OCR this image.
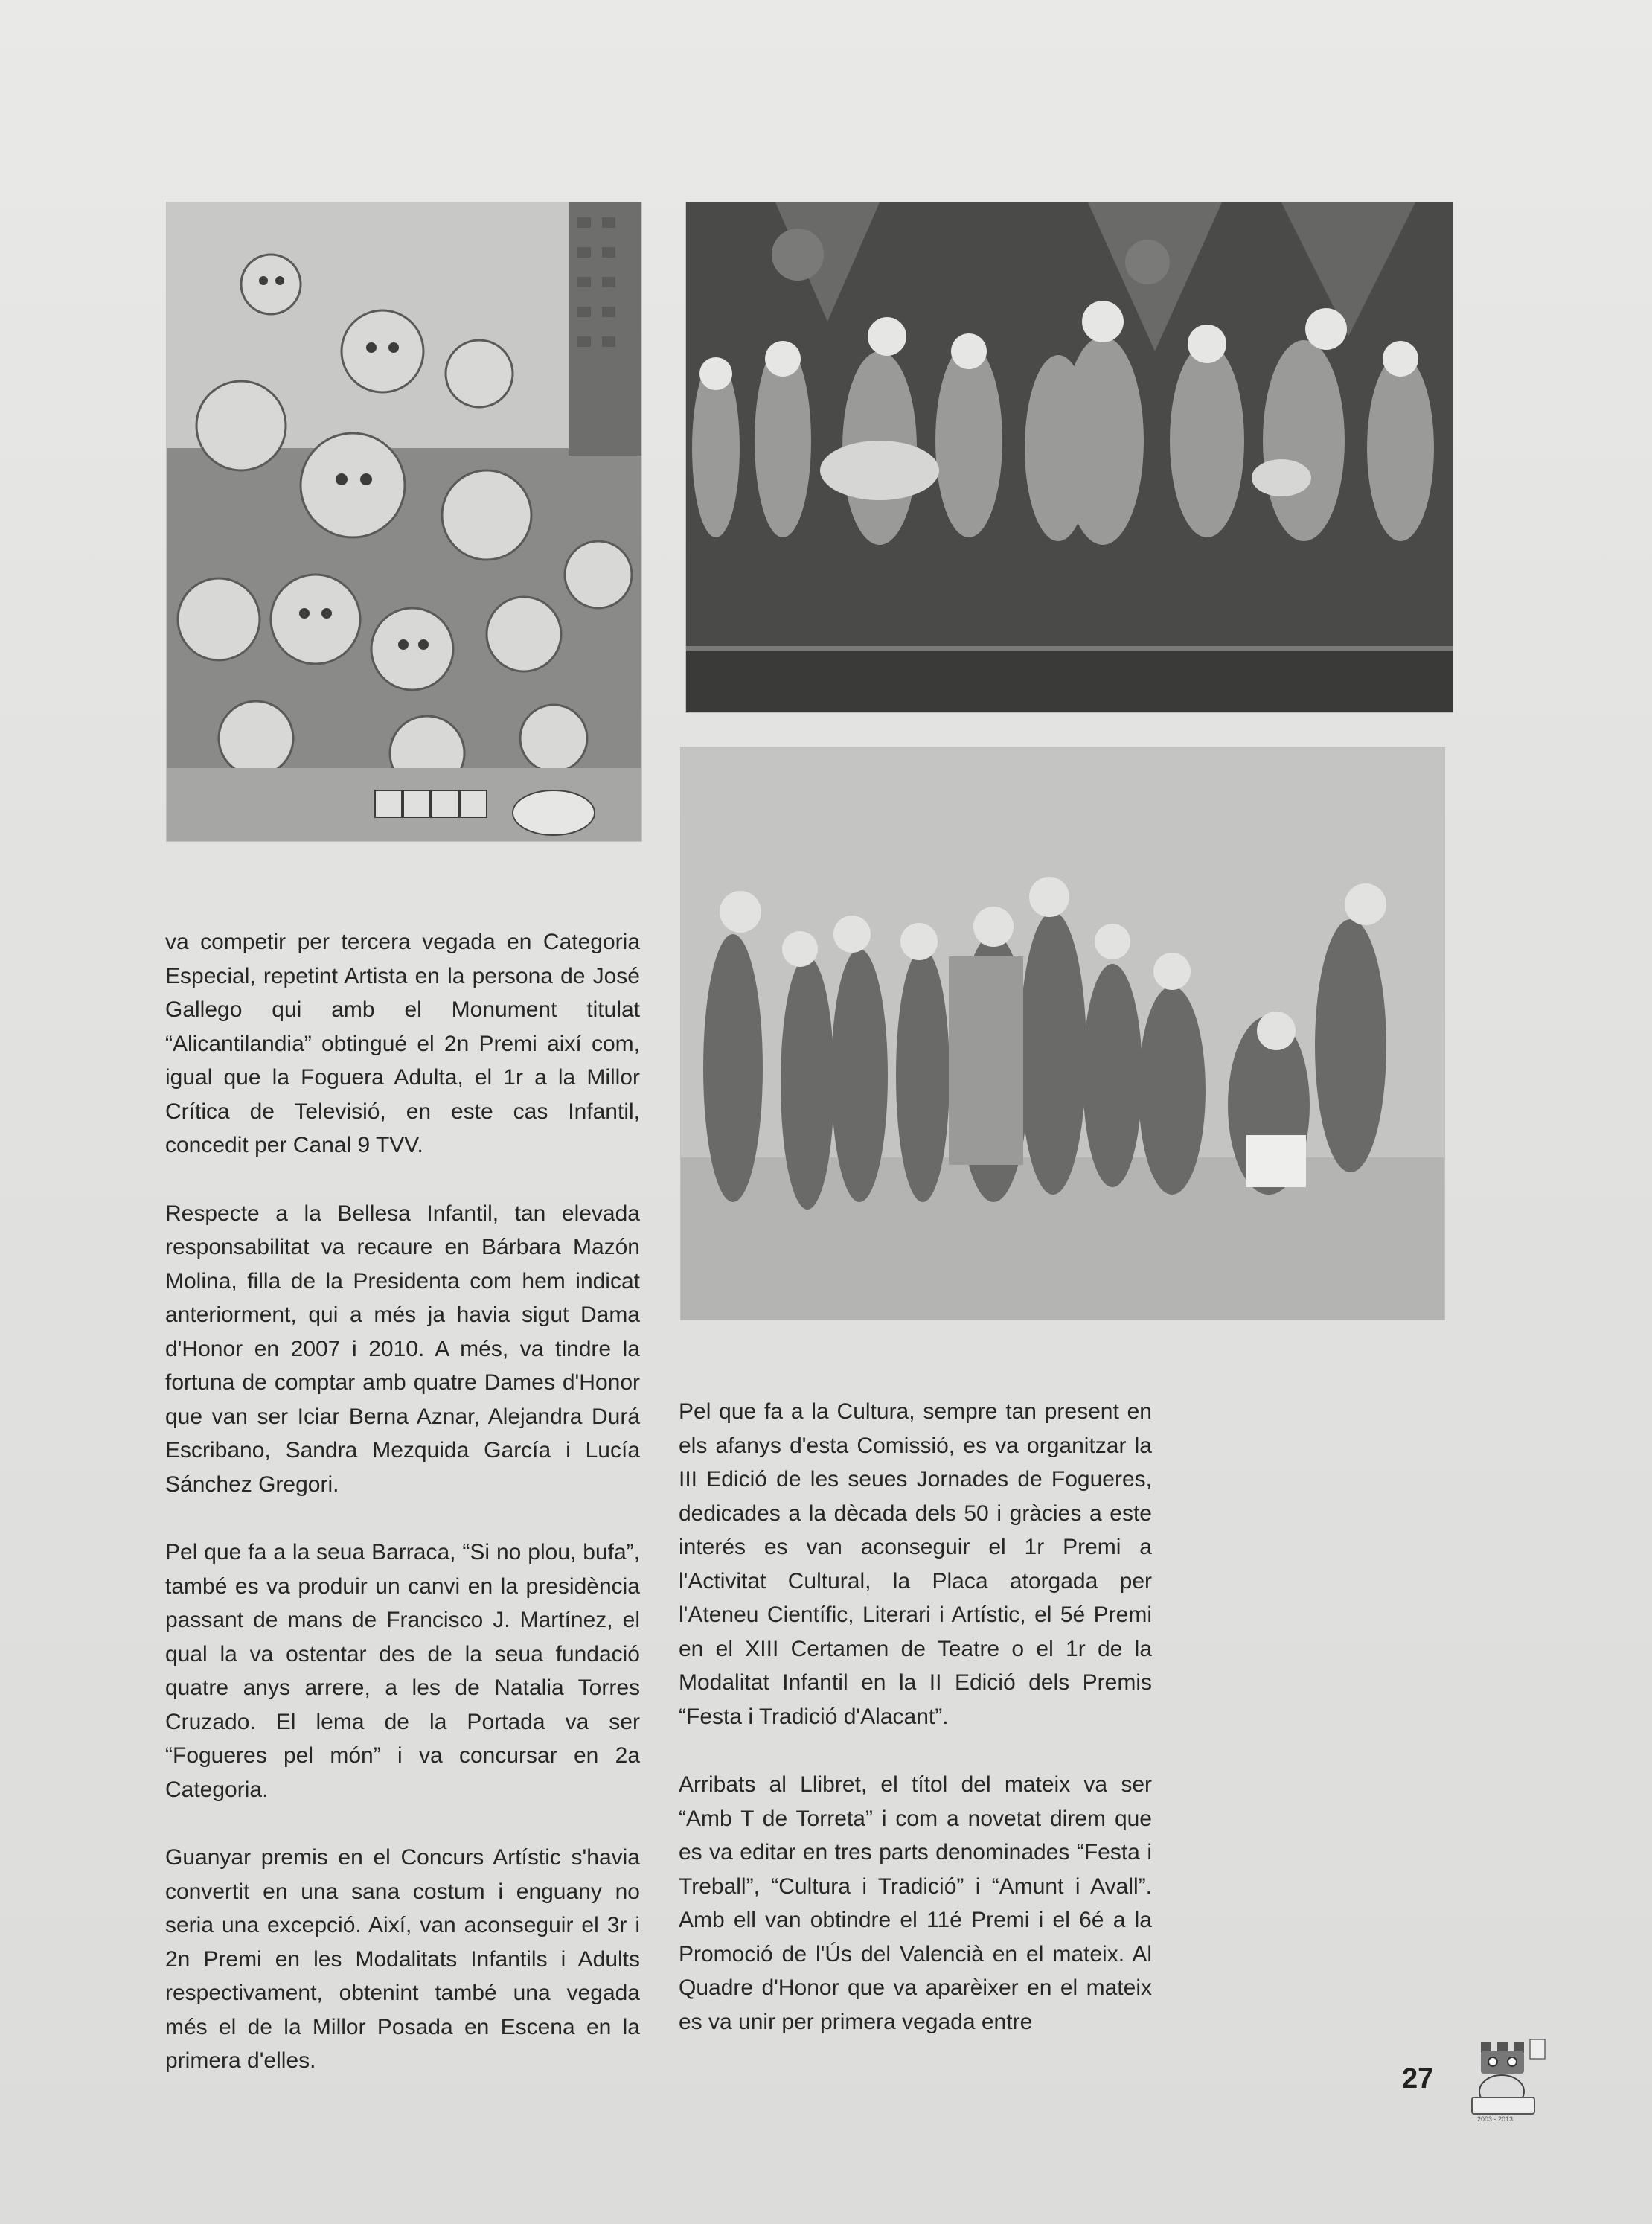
va competir per tercera vegada en Categoria Especial, repetint Artista en la persona de José Gallego qui amb el Monument titulat “Alicantilandia” obtingué el 2n Premi així com, igual que la Foguera Adulta, el 1r a la Millor Crítica de Televisió, en este cas Infantil, concedit per Canal 9 TVV.

Respecte a la Bellesa Infantil, tan elevada responsabilitat va recaure en Bárbara Mazón Molina, filla de la Presidenta com hem indicat anteriorment, qui a més ja havia sigut Dama d'Honor en 2007 i 2010. A més, va tindre la fortuna de comptar amb quatre Dames d'Honor que van ser Iciar Berna Aznar, Alejandra Durá Escribano, Sandra Mezquida García i Lucía Sánchez Gregori.

Pel que fa a la seua Barraca, “Si no plou, bufa”, també es va produir un canvi en la presidència passant de mans de Francisco J. Martínez, el qual la va ostentar des de la seua fundació quatre anys arrere, a les de Natalia Torres Cruzado. El lema de la Portada va ser “Fogueres pel món” i va concursar en 2a Categoria.

Guanyar premis en el Concurs Artístic s'havia convertit en una sana costum i enguany no seria una excepció. Així, van aconseguir el 3r i 2n Premi en les Modalitats Infantils i Adults respectivament, obtenint també una vegada més el de la Millor Posada en Escena en la primera d'elles.

Pel que fa a la Cultura, sempre tan present en els afanys d'esta Comissió, es va organitzar la III Edició de les seues Jornades de Fogueres, dedicades a la dècada dels 50 i gràcies a este interés es van aconseguir el 1r Premi a l'Activitat Cultural, la Placa atorgada per l'Ateneu Científic, Literari i Artístic, el 5é Premi en el XIII Certamen de Teatre o el 1r de la Modalitat Infantil en la II Edició dels Premis “Festa i Tradició d'Alacant”.

Arribats al Llibret, el títol del mateix va ser “Amb T de Torreta” i com a novetat direm que es va editar en tres parts denominades “Festa i Treball”, “Cultura i Tradició” i “Amunt i Avall”. Amb ell van obtindre el 11é Premi i el 6é a la Promoció de l'Ús del Valencià en el mateix. Al Quadre d'Honor que va aparèixer en el mateix es va unir per primera vegada entre

27
2003 - 2013
